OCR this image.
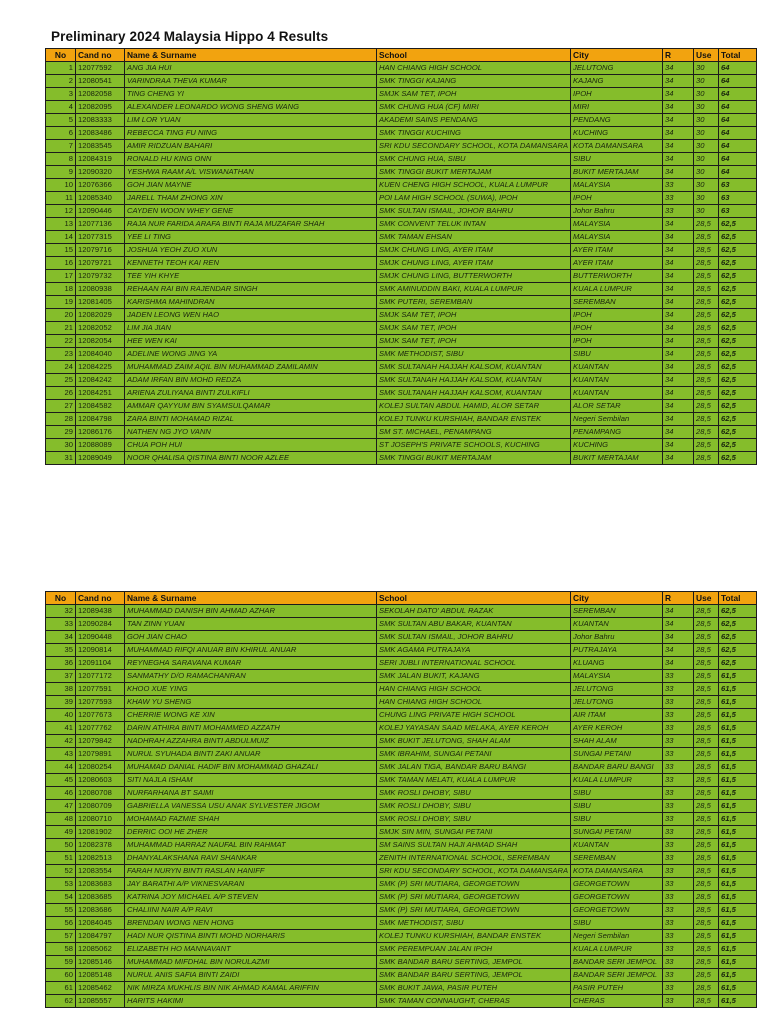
Preliminary 2024 Malaysia Hippo 4 Results
No	Cand no	Name & Surname	School	City	R	Use	Total
1	12077592	ANG JIA HUI	HAN CHIANG HIGH SCHOOL	JELUTONG	34	30	64
2	12080541	VARINDRAA THEVA KUMAR	SMK TINGGI KAJANG	KAJANG	34	30	64
3	12082058	TING CHENG YI	SMJK SAM TET, IPOH	IPOH	34	30	64
4	12082095	ALEXANDER LEONARDO WONG SHENG WANG	SMK CHUNG HUA (CF) MIRI	MIRI	34	30	64
5	12083333	LIM LOR YUAN	AKADEMI SAINS PENDANG	PENDANG	34	30	64
6	12083486	REBECCA TING FU NING	SMK TINGGI KUCHING	KUCHING	34	30	64
7	12083545	AMIR RIDZUAN BAHARI	SRI KDU SECONDARY SCHOOL, KOTA DAMANSARA	KOTA DAMANSARA	34	30	64
8	12084319	RONALD HU KING ONN	SMK CHUNG HUA, SIBU	SIBU	34	30	64
9	12090320	YESHWA RAAM A/L VISWANATHAN	SMK TINGGI BUKIT MERTAJAM	BUKIT MERTAJAM	34	30	64
10	12076366	GOH JIAN MAYNE	KUEN CHENG HIGH SCHOOL, KUALA LUMPUR	MALAYSIA	33	30	63
11	12085340	JARELL THAM ZHONG XIN	POI LAM HIGH SCHOOL (SUWA), IPOH	IPOH	33	30	63
12	12090446	CAYDEN WOON WHEY GENE	SMK SULTAN ISMAIL, JOHOR BAHRU	Johor Bahru	33	30	63
13	12077136	RAJA NUR FARIDA ARAFA BINTI RAJA MUZAFAR SHAH	SMK CONVENT TELUK INTAN	MALAYSIA	34	28,5	62,5
14	12077315	YEE LI TING	SMK TAMAN EHSAN	MALAYSIA	34	28,5	62,5
15	12079716	JOSHUA YEOH ZUO XUN	SMJK CHUNG LING, AYER ITAM	AYER ITAM	34	28,5	62,5
16	12079721	KENNETH TEOH KAI REN	SMJK CHUNG LING, AYER ITAM	AYER ITAM	34	28,5	62,5
17	12079732	TEE YIH KHYE	SMJK CHUNG LING, BUTTERWORTH	BUTTERWORTH	34	28,5	62,5
18	12080938	REHAAN RAI BIN RAJENDAR SINGH	SMK AMINUDDIN BAKI, KUALA LUMPUR	KUALA LUMPUR	34	28,5	62,5
19	12081405	KARISHMA MAHINDRAN	SMK PUTERI, SEREMBAN	SEREMBAN	34	28,5	62,5
20	12082029	JADEN LEONG WEN HAO	SMJK SAM TET, IPOH	IPOH	34	28,5	62,5
21	12082052	LIM JIA JIAN	SMJK SAM TET, IPOH	IPOH	34	28,5	62,5
22	12082054	HEE WEN KAI	SMJK SAM TET, IPOH	IPOH	34	28,5	62,5
23	12084040	ADELINE WONG JING YA	SMK METHODIST, SIBU	SIBU	34	28,5	62,5
24	12084225	MUHAMMAD ZAIM AQIL BIN MUHAMMAD ZAMILAMIN	SMK SULTANAH HAJJAH KALSOM, KUANTAN	KUANTAN	34	28,5	62,5
25	12084242	ADAM IRFAN BIN MOHD REDZA	SMK SULTANAH HAJJAH KALSOM, KUANTAN	KUANTAN	34	28,5	62,5
26	12084251	ARIENA ZULIYANA BINTI ZULKIFLI	SMK SULTANAH HAJJAH KALSOM, KUANTAN	KUANTAN	34	28,5	62,5
27	12084582	AMMAR QAYYUM BIN SYAMSULQAMAR	KOLEJ SULTAN ABDUL HAMID, ALOR SETAR	ALOR SETAR	34	28,5	62,5
28	12084798	ZARA BINTI MOHAMAD RIZAL	KOLEJ TUNKU KURSHIAH, BANDAR ENSTEK	Negeri Sembilan	34	28,5	62,5
29	12086176	NATHEN NG JYO VANN	SM ST. MICHAEL, PENAMPANG	PENAMPANG	34	28,5	62,5
30	12088089	CHUA POH HUI	ST JOSEPH'S PRIVATE SCHOOLS, KUCHING	KUCHING	34	28,5	62,5
31	12089049	NOOR QHALISA QISTINA BINTI NOOR AZLEE	SMK TINGGI BUKIT MERTAJAM	BUKIT MERTAJAM	34	28,5	62,5
No	Cand no	Name & Surname	School	City	R	Use	Total
32	12089438	MUHAMMAD DANISH BIN AHMAD AZHAR	SEKOLAH DATO' ABDUL RAZAK	SEREMBAN	34	28,5	62,5
33	12090284	TAN ZINN YUAN	SMK SULTAN ABU BAKAR, KUANTAN	KUANTAN	34	28,5	62,5
34	12090448	GOH JIAN CHAO	SMK SULTAN ISMAIL, JOHOR BAHRU	Johor Bahru	34	28,5	62,5
35	12090814	MUHAMMAD RIFQI ANUAR BIN KHIRUL ANUAR	SMK AGAMA PUTRAJAYA	PUTRAJAYA	34	28,5	62,5
36	12091104	REYNEGHA SARAVANA KUMAR	SERI JUBLI INTERNATIONAL SCHOOL	KLUANG	34	28,5	62,5
37	12077172	SANMATHY D/O RAMACHANRAN	SMK JALAN BUKIT, KAJANG	MALAYSIA	33	28,5	61,5
38	12077591	KHOO XUE YING	HAN CHIANG HIGH SCHOOL	JELUTONG	33	28,5	61,5
39	12077593	KHAW YU SHENG	HAN CHIANG HIGH SCHOOL	JELUTONG	33	28,5	61,5
40	12077673	CHERRIE WONG KE XIN	CHUNG LING PRIVATE HIGH SCHOOL	AIR ITAM	33	28,5	61,5
41	12077762	DARIN ATHIRA BINTI MOHAMMED AZZATH	KOLEJ YAYASAN SAAD MELAKA, AYER KEROH	AYER KEROH	33	28,5	61,5
42	12079842	NADHRAH AZZAHRA BINTI ABDULMUIZ	SMK BUKIT JELUTONG, SHAH ALAM	SHAH ALAM	33	28,5	61,5
43	12079891	NURUL SYUHADA BINTI ZAKI ANUAR	SMK IBRAHIM, SUNGAI PETANI	SUNGAI PETANI	33	28,5	61,5
44	12080254	MUHAMAD DANIAL HADIF BIN MOHAMMAD GHAZALI	SMK JALAN TIGA, BANDAR BARU BANGI	BANDAR BARU BANGI	33	28,5	61,5
45	12080603	SITI NAJLA ISHAM	SMK TAMAN MELATI, KUALA LUMPUR	KUALA LUMPUR	33	28,5	61,5
46	12080708	NURFARHANA BT SAIMI	SMK ROSLI DHOBY, SIBU	SIBU	33	28,5	61,5
47	12080709	GABRIELLA VANESSA USU ANAK SYLVESTER JIGOM	SMK ROSLI DHOBY, SIBU	SIBU	33	28,5	61,5
48	12080710	MOHAMAD FAZMIE SHAH	SMK ROSLI DHOBY, SIBU	SIBU	33	28,5	61,5
49	12081902	DERRIC OOI HE ZHER	SMJK SIN MIN, SUNGAI PETANI	SUNGAI PETANI	33	28,5	61,5
50	12082378	MUHAMMAD HARRAZ NAUFAL BIN RAHMAT	SM SAINS SULTAN HAJI AHMAD SHAH	KUANTAN	33	28,5	61,5
51	12082513	DHANYALAKSHANA RAVI SHANKAR	ZENITH INTERNATIONAL SCHOOL, SEREMBAN	SEREMBAN	33	28,5	61,5
52	12083554	FARAH NURYN BINTI RASLAN HANIFF	SRI KDU SECONDARY SCHOOL, KOTA DAMANSARA	KOTA DAMANSARA	33	28,5	61,5
53	12083683	JAY BARATHI A/P VIKNESVARAN	SMK (P) SRI MUTIARA, GEORGETOWN	GEORGETOWN	33	28,5	61,5
54	12083685	KATRINA JOY MICHAEL A/P STEVEN	SMK (P) SRI MUTIARA, GEORGETOWN	GEORGETOWN	33	28,5	61,5
55	12083686	CHALIINI NAIR A/P RAVI	SMK (P) SRI MUTIARA, GEORGETOWN	GEORGETOWN	33	28,5	61,5
56	12084045	BRENDAN WONG NEN HONG	SMK METHODIST, SIBU	SIBU	33	28,5	61,5
57	12084797	HADI NUR QISTINA BINTI MOHD NORHARIS	KOLEJ TUNKU KURSHIAH, BANDAR ENSTEK	Negeri Sembilan	33	28,5	61,5
58	12085062	ELIZABETH HO MANNAVANT	SMK PEREMPUAN JALAN IPOH	KUALA LUMPUR	33	28,5	61,5
59	12085146	MUHAMMAD MIFDHAL BIN NORULAZMI	SMK BANDAR BARU SERTING, JEMPOL	BANDAR SERI JEMPOL	33	28,5	61,5
60	12085148	NURUL ANIS SAFIA BINTI ZAIDI	SMK BANDAR BARU SERTING, JEMPOL	BANDAR SERI JEMPOL	33	28,5	61,5
61	12085462	NIK MIRZA MUKHLIS BIN NIK AHMAD KAMAL ARIFFIN	SMK BUKIT JAWA, PASIR PUTEH	PASIR PUTEH	33	28,5	61,5
62	12085557	HARITS HAKIMI	SMK TAMAN CONNAUGHT, CHERAS	CHERAS	33	28,5	61,5
